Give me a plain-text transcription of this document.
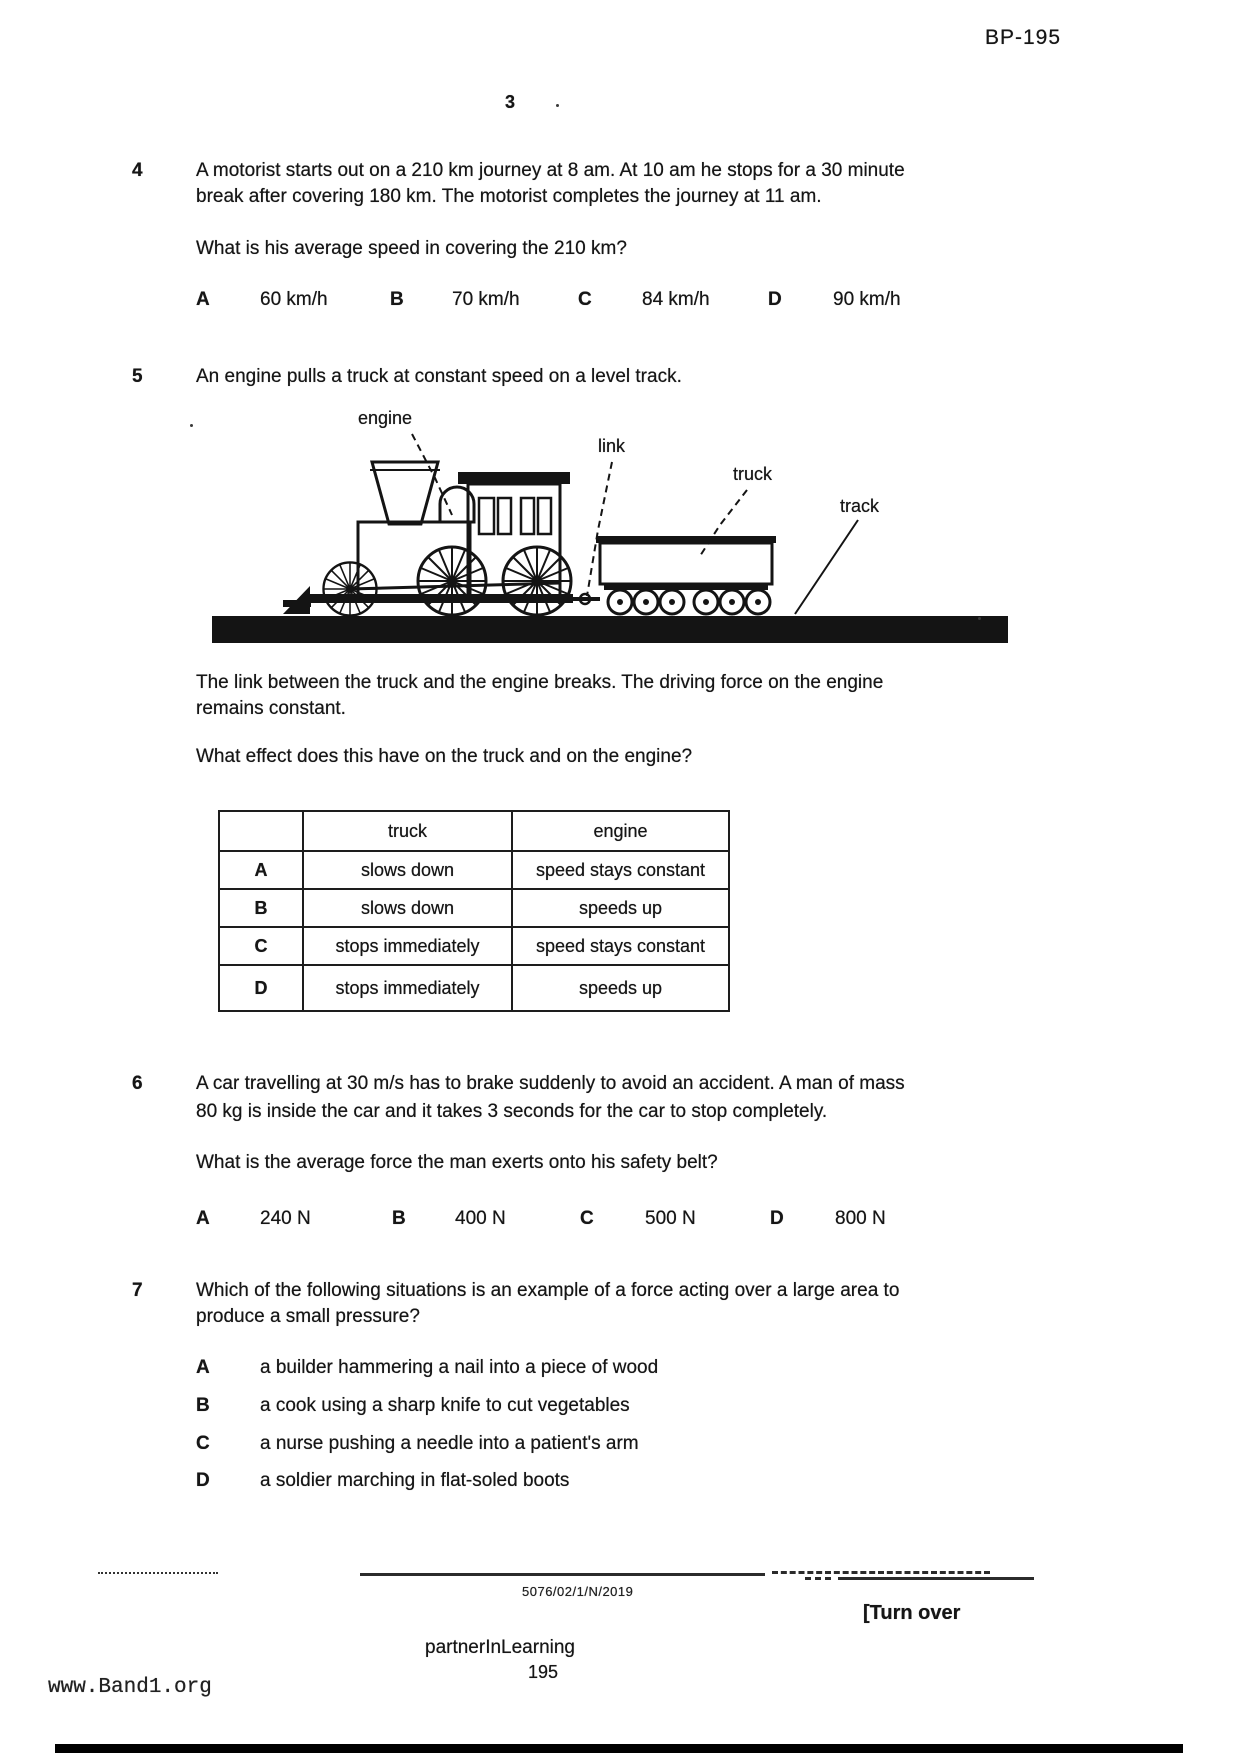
BP-195
3
4	A motorist starts out on a 210 km journey at 8 am. At 10 am he stops for a 30 minute
break after covering 180 km. The motorist completes the journey at 11 am.
What is his average speed in covering the 210 km?
A	60 km/h	B	70 km/h	C	84 km/h	D	90 km/h
5	An engine pulls a truck at constant speed on a level track.
engine
link
truck
track
The link between the truck and the engine breaks. The driving force on the engine
remains constant.
What effect does this have on the truck and on the engine?
	truck	engine
A	slows down	speed stays constant
B	slows down	speeds up
C	stops immediately	speed stays constant
D	stops immediately	speeds up
6	A car travelling at 30 m/s has to brake suddenly to avoid an accident. A man of mass
80 kg is inside the car and it takes 3 seconds for the car to stop completely.
What is the average force the man exerts onto his safety belt?
A	240 N	B	400 N	C	500 N	D	800 N
7	Which of the following situations is an example of a force acting over a large area to
produce a small pressure?
A	a builder hammering a nail into a piece of wood
B	a cook using a sharp knife to cut vegetables
C	a nurse pushing a needle into a patient's arm
D	a soldier marching in flat-soled boots
5076/02/1/N/2019
[Turn over
partnerInLearning
195
www.Band1.org
